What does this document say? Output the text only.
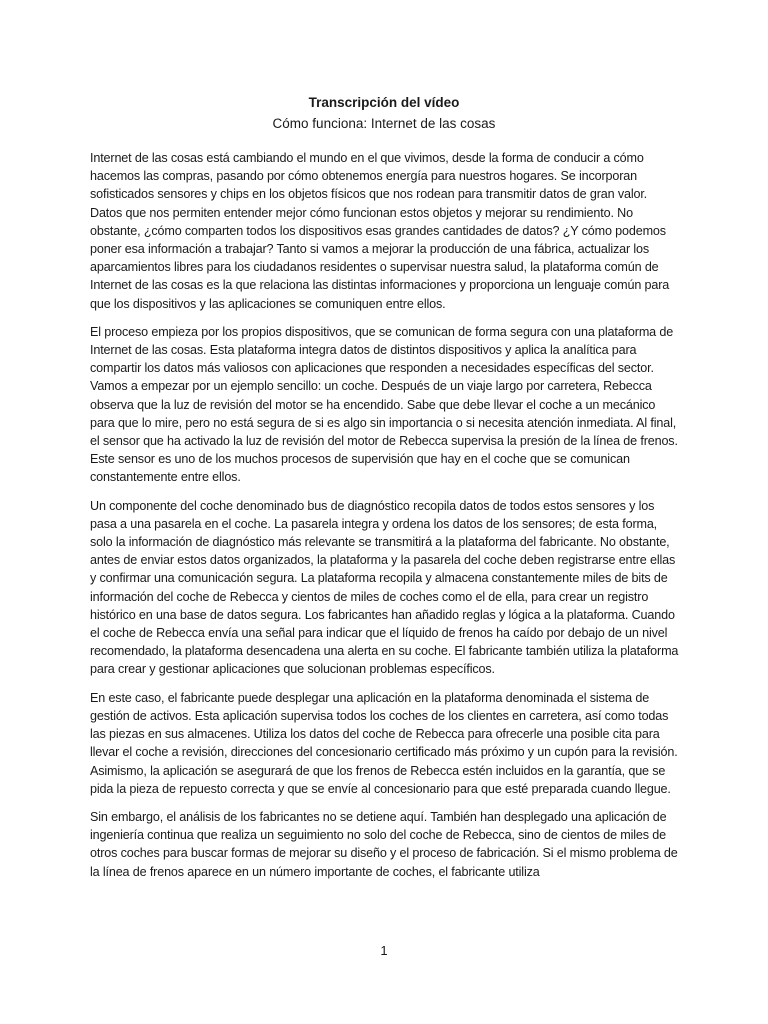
Transcripción del vídeo
Cómo funciona: Internet de las cosas

Internet de las cosas está cambiando el mundo en el que vivimos, desde la forma de conducir a cómo hacemos las compras, pasando por cómo obtenemos energía para nuestros hogares. Se incorporan sofisticados sensores y chips en los objetos físicos que nos rodean para transmitir datos de gran valor. Datos que nos permiten entender mejor cómo funcionan estos objetos y mejorar su rendimiento. No obstante, ¿cómo comparten todos los dispositivos esas grandes cantidades de datos? ¿Y cómo podemos poner esa información a trabajar? Tanto si vamos a mejorar la producción de una fábrica, actualizar los aparcamientos libres para los ciudadanos residentes o supervisar nuestra salud, la plataforma común de Internet de las cosas es la que relaciona las distintas informaciones y proporciona un lenguaje común para que los dispositivos y las aplicaciones se comuniquen entre ellos.

El proceso empieza por los propios dispositivos, que se comunican de forma segura con una plataforma de Internet de las cosas. Esta plataforma integra datos de distintos dispositivos y aplica la analítica para compartir los datos más valiosos con aplicaciones que responden a necesidades específicas del sector. Vamos a empezar por un ejemplo sencillo: un coche. Después de un viaje largo por carretera, Rebecca observa que la luz de revisión del motor se ha encendido. Sabe que debe llevar el coche a un mecánico para que lo mire, pero no está segura de si es algo sin importancia o si necesita atención inmediata. Al final, el sensor que ha activado la luz de revisión del motor de Rebecca supervisa la presión de la línea de frenos. Este sensor es uno de los muchos procesos de supervisión que hay en el coche que se comunican constantemente entre ellos.

Un componente del coche denominado bus de diagnóstico recopila datos de todos estos sensores y los pasa a una pasarela en el coche. La pasarela integra y ordena los datos de los sensores; de esta forma, solo la información de diagnóstico más relevante se transmitirá a la plataforma del fabricante. No obstante, antes de enviar estos datos organizados, la plataforma y la pasarela del coche deben registrarse entre ellas y confirmar una comunicación segura. La plataforma recopila y almacena constantemente miles de bits de información del coche de Rebecca y cientos de miles de coches como el de ella, para crear un registro histórico en una base de datos segura. Los fabricantes han añadido reglas y lógica a la plataforma. Cuando el coche de Rebecca envía una señal para indicar que el líquido de frenos ha caído por debajo de un nivel recomendado, la plataforma desencadena una alerta en su coche. El fabricante también utiliza la plataforma para crear y gestionar aplicaciones que solucionan problemas específicos.

En este caso, el fabricante puede desplegar una aplicación en la plataforma denominada el sistema de gestión de activos. Esta aplicación supervisa todos los coches de los clientes en carretera, así como todas las piezas en sus almacenes. Utiliza los datos del coche de Rebecca para ofrecerle una posible cita para llevar el coche a revisión, direcciones del concesionario certificado más próximo y un cupón para la revisión. Asimismo, la aplicación se asegurará de que los frenos de Rebecca estén incluidos en la garantía, que se pida la pieza de repuesto correcta y que se envíe al concesionario para que esté preparada cuando llegue.

Sin embargo, el análisis de los fabricantes no se detiene aquí. También han desplegado una aplicación de ingeniería continua que realiza un seguimiento no solo del coche de Rebecca, sino de cientos de miles de otros coches para buscar formas de mejorar su diseño y el proceso de fabricación. Si el mismo problema de la línea de frenos aparece en un número importante de coches, el fabricante utiliza

1
